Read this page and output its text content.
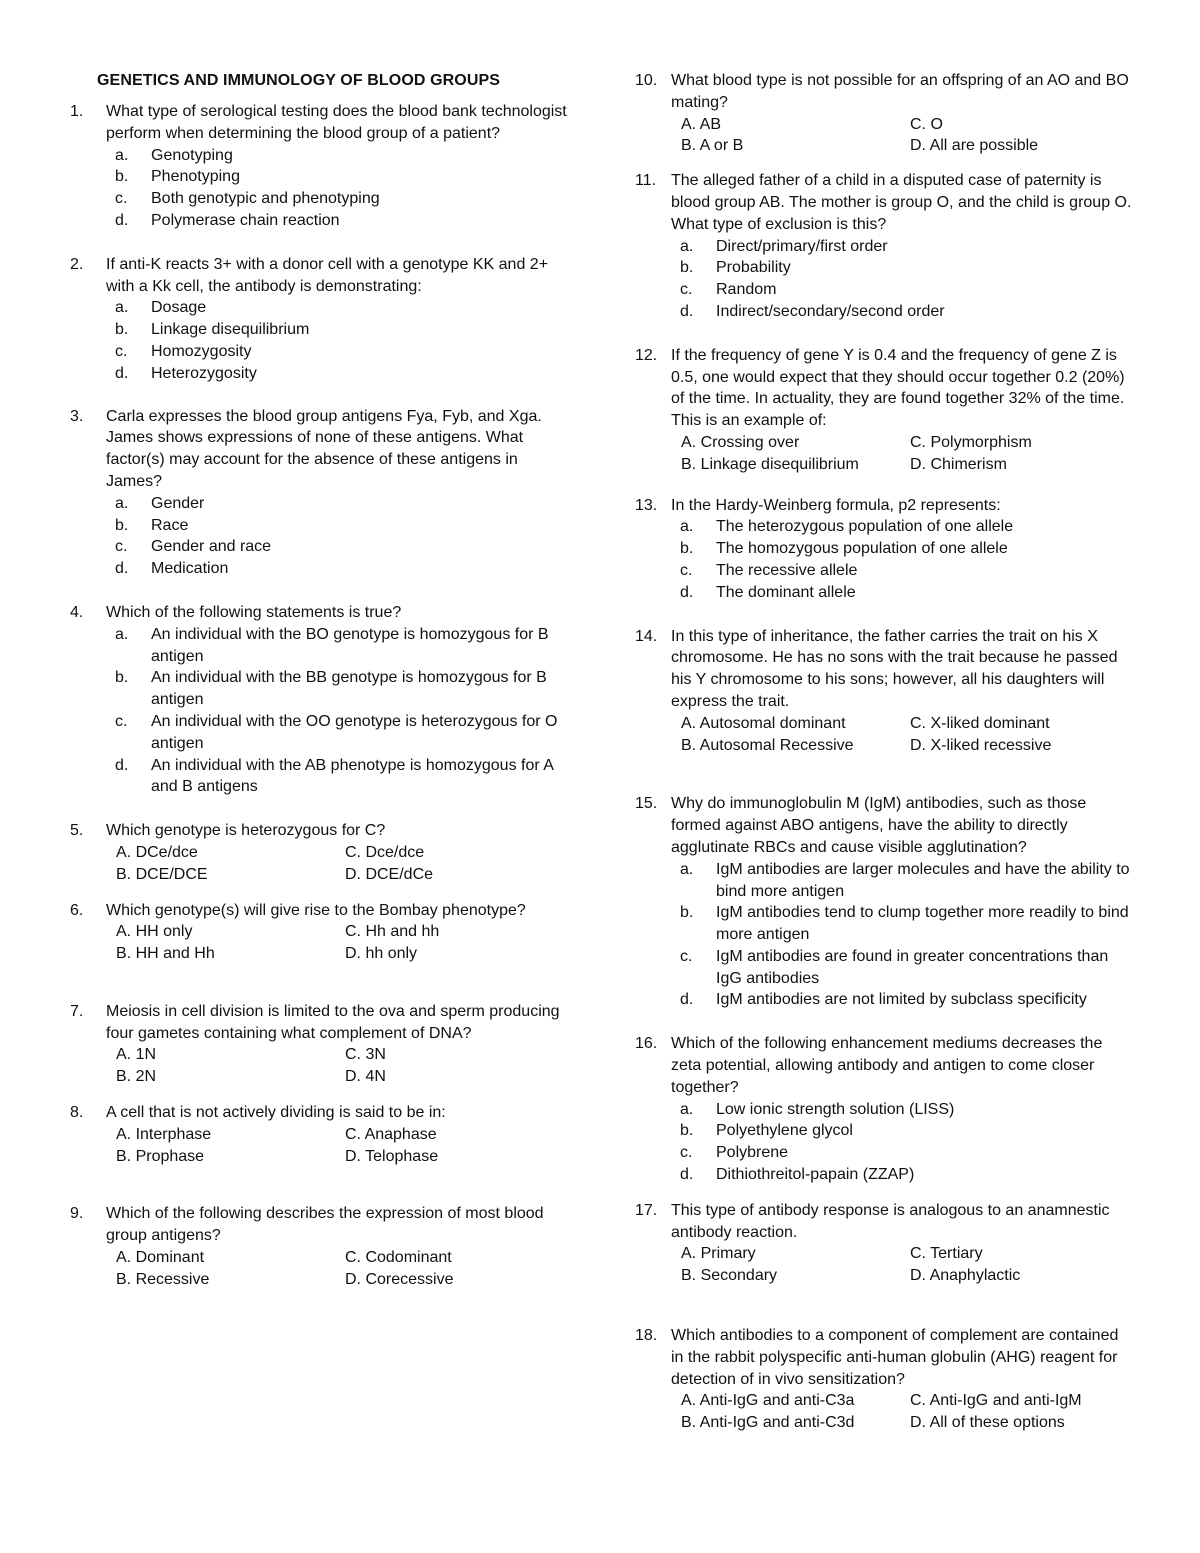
GENETICS AND IMMUNOLOGY OF BLOOD GROUPS
1.	What type of serological testing does the blood bank technologist perform when determining the blood group of a patient?
a. Genotyping
b. Phenotyping
c. Both genotypic and phenotyping
d. Polymerase chain reaction
2.	If anti-K reacts 3+ with a donor cell with a genotype KK and 2+ with a Kk cell, the antibody is demonstrating:
a. Dosage
b. Linkage disequilibrium
c. Homozygosity
d. Heterozygosity
3.	Carla expresses the blood group antigens Fya, Fyb, and Xga. James shows expressions of none of these antigens. What factor(s) may account for the absence of these antigens in James?
a. Gender
b. Race
c. Gender and race
d. Medication
4.	Which of the following statements is true?
a. An individual with the BO genotype is homozygous for B antigen
b. An individual with the BB genotype is homozygous for B antigen
c. An individual with the OO genotype is heterozygous for O antigen
d. An individual with the AB phenotype is homozygous for A and B antigens
5.	Which genotype is heterozygous for C?
A. DCe/dce	C. Dce/dce
B. DCE/DCE	D. DCE/dCe
6.	Which genotype(s) will give rise to the Bombay phenotype?
A. HH only	C. Hh and hh
B. HH and Hh	D. hh only
7.	Meiosis in cell division is limited to the ova and sperm producing four gametes containing what complement of DNA?
A. 1N	C. 3N
B. 2N	D. 4N
8.	A cell that is not actively dividing is said to be in:
A. Interphase	C. Anaphase
B. Prophase	D. Telophase
9.	Which of the following describes the expression of most blood group antigens?
A. Dominant	C. Codominant
B. Recessive	D. Corecessive
10. What blood type is not possible for an offspring of an AO and BO mating?
A. AB	C. O
B. A or B	D. All are possible
11. The alleged father of a child in a disputed case of paternity is blood group AB. The mother is group O, and the child is group O. What type of exclusion is this?
a. Direct/primary/first order
b. Probability
c. Random
d. Indirect/secondary/second order
12. If the frequency of gene Y is 0.4 and the frequency of gene Z is 0.5, one would expect that they should occur together 0.2 (20%) of the time. In actuality, they are found together 32% of the time. This is an example of:
A. Crossing over	C. Polymorphism
B. Linkage disequilibrium	D. Chimerism
13. In the Hardy-Weinberg formula, p2 represents:
a. The heterozygous population of one allele
b. The homozygous population of one allele
c. The recessive allele
d. The dominant allele
14. In this type of inheritance, the father carries the trait on his X chromosome. He has no sons with the trait because he passed his Y chromosome to his sons; however, all his daughters will express the trait.
A. Autosomal dominant	C. X-liked dominant
B. Autosomal Recessive	D. X-liked recessive
15. Why do immunoglobulin M (IgM) antibodies, such as those formed against ABO antigens, have the ability to directly agglutinate RBCs and cause visible agglutination?
a. IgM antibodies are larger molecules and have the ability to bind more antigen
b. IgM antibodies tend to clump together more readily to bind more antigen
c. IgM antibodies are found in greater concentrations than IgG antibodies
d. IgM antibodies are not limited by subclass specificity
16. Which of the following enhancement mediums decreases the zeta potential, allowing antibody and antigen to come closer together?
a. Low ionic strength solution (LISS)
b. Polyethylene glycol
c. Polybrene
d. Dithiothreitol-papain (ZZAP)
17. This type of antibody response is analogous to an anamnestic antibody reaction.
A. Primary	C. Tertiary
B. Secondary	D. Anaphylactic
18. Which antibodies to a component of complement are contained in the rabbit polyspecific anti-human globulin (AHG) reagent for detection of in vivo sensitization?
A. Anti-IgG and anti-C3a	C. Anti-IgG and anti-IgM
B. Anti-IgG and anti-C3d	D. All of these options
